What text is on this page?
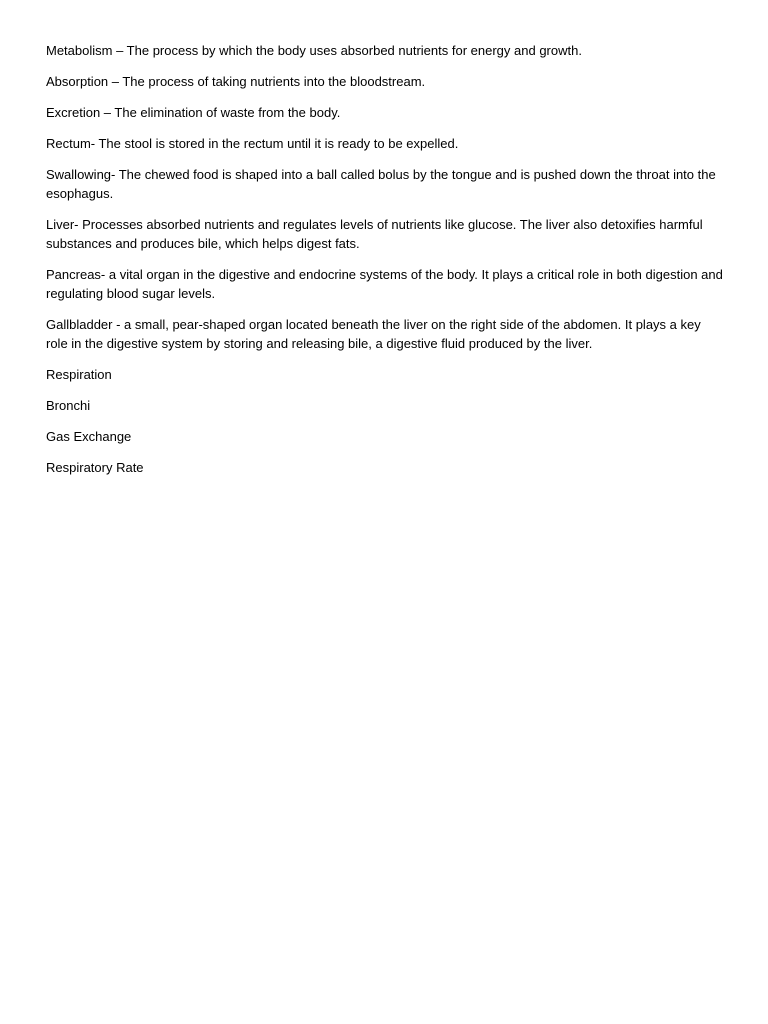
Metabolism – The process by which the body uses absorbed nutrients for energy and growth.

Absorption – The process of taking nutrients into the bloodstream.

Excretion – The elimination of waste from the body.

Rectum- The stool is stored in the rectum until it is ready to be expelled.

Swallowing- The chewed food is shaped into a ball called bolus by the tongue and is pushed down the throat into the esophagus.

Liver- Processes absorbed nutrients and regulates levels of nutrients like glucose. The liver also detoxifies harmful substances and produces bile, which helps digest fats.

Pancreas- a vital organ in the digestive and endocrine systems of the body. It plays a critical role in both digestion and regulating blood sugar levels.

Gallbladder - a small, pear-shaped organ located beneath the liver on the right side of the abdomen. It plays a key role in the digestive system by storing and releasing bile, a digestive fluid produced by the liver.

Respiration

Bronchi

Gas Exchange

Respiratory Rate
